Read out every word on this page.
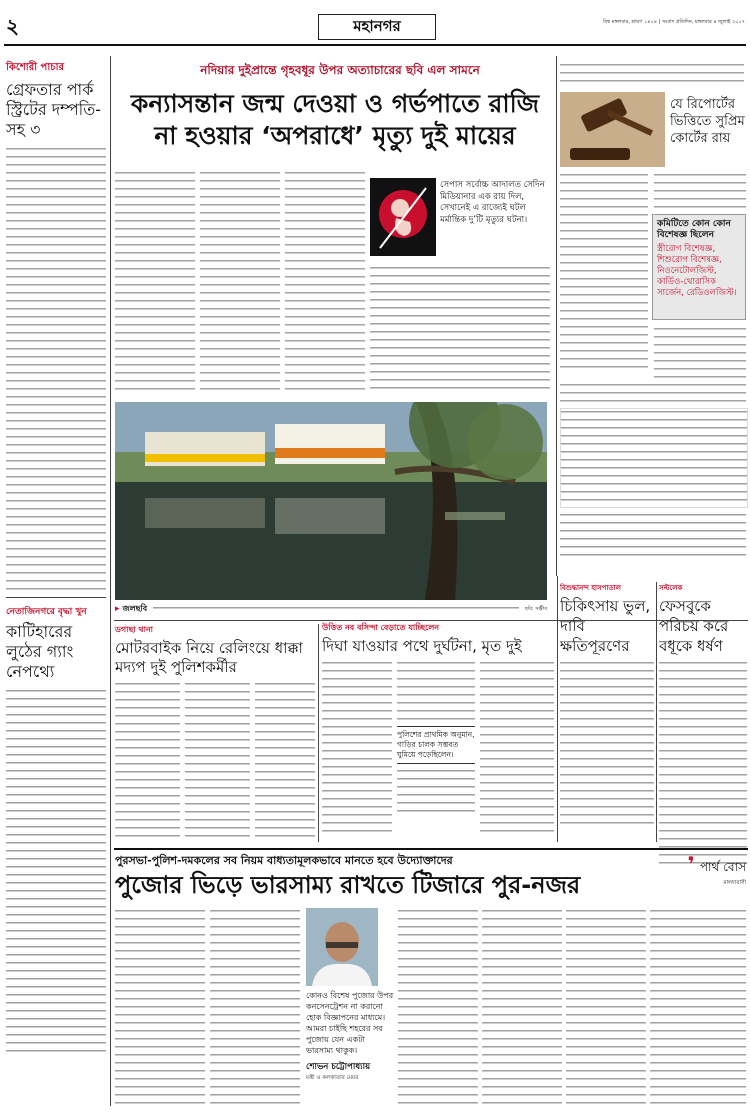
২	মহানগর	বিশ্ব মঙ্গলবার, শ্রাবণ ১৪২৪ | সংবাদ প্রতিদিন, মঙ্গলবার ৪ জুলাই ২০১৭
কিশোরী পাচার
গ্রেফতার পার্ক স্ট্রিটের দম্পতি-সহ ৩
নেতাজিনগরে বৃদ্ধা খুন
কাটিহারের লুঠের গ্যাং নেপথ্যে
নদিয়ার দুইপ্রান্তে গৃহবধূর উপর অত্যাচারের ছবি এল সামনে
কন্যাসন্তান জন্ম দেওয়া ও গর্ভপাতে রাজি
না হওয়ার ‘অপরাধে’ মৃত্যু দুই মায়ের
সেপাস সর্বোচ্চ আদালত সেদিন মিডিয়ানার এক রায় দিল, সেখানেই এ রাজ্যেই ঘটল মর্মান্তিক দু’টি মৃত্যুর ঘটনা।
যে রিপোর্টের ভিত্তিতে সুপ্রিম কোর্টের রায়
কমিটিতে কোন কোন বিশেষজ্ঞ ছিলেন
স্ত্রীরোগ বিশেষজ্ঞ, শিশুরোগ বিশেষজ্ঞ, নিওনেটোলজিস্ট, কার্ডিও-থোরাসিক সার্জেন, রেডিওলজিস্ট।
▸ জলছবি	ছবি: সঞ্জীব
ডগাছা থানা
মোটরবাইক নিয়ে রেলিংয়ে ধাক্কা মদ্যপ দুই পুলিশকর্মীর
উত্তিত নব বসিন্দা বেড়াতে যাচ্ছিলেন
দিঘা যাওয়ার পথে দুর্ঘটনা, মৃত দুই
পুলিশের প্রাথমিক অনুমান, গাড়ির চালক সম্ভবত ঘুমিয়ে পড়েছিলেন।
বিশুদ্ধানন্দ হাসপাতাল
চিকিৎসায় ভুল, দাবি ক্ষতিপূরণের
সল্টলেক
ফেসবুকে পরিচয় করে বধূকে ধর্ষণ
পুরসভা-পুলিশ-দমকলের সব নিয়ম বাধ্যতামূলকভাবে মানতে হবে উদ্যোক্তাদের
পুজোর ভিড়ে ভারসাম্য রাখতে টিজারে পুর-নজর
❜ পার্থ বোস
মালদাবাসী
কোনও বিশেষ পুজোর উপর কনসেনট্রেশন না করানো হোক বিজ্ঞাপনের মাধ্যমে। আমরা চাইছি শহরের সব পুজোয় যেন একটা ভারসাম্য থাকুক।
শোভন চট্টোপাধ্যায়
মন্ত্রী ও কলকাতার মেয়র
